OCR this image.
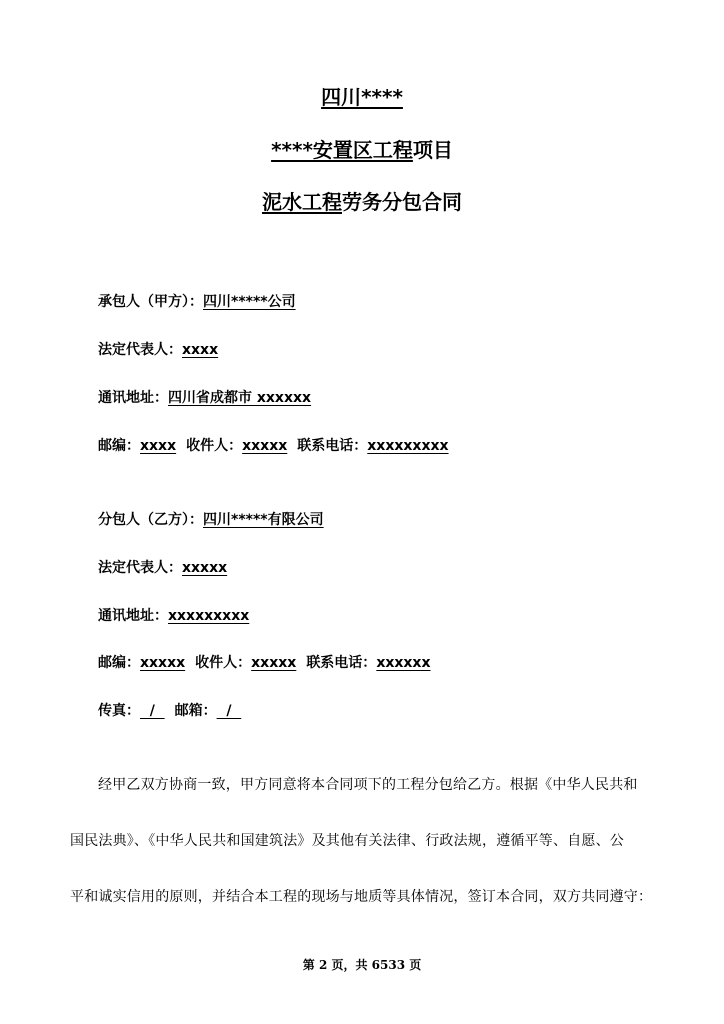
四川****
****安置区工程项目
泥水工程劳务分包合同
承包人（甲方）：四川*****公司
法定代表人：xxxx
通讯地址：四川省成都市 xxxxxx
邮编：xxxx 收件人：xxxxx 联系电话：xxxxxxxxx
分包人（乙方）：四川*****有限公司
法定代表人：xxxxx
通讯地址：xxxxxxxxx
邮编：xxxxx 收件人：xxxxx 联系电话：xxxxxx
传真：  /  邮箱：  /
经甲乙双方协商一致，甲方同意将本合同项下的工程分包给乙方。根据《中华人民共和
国民法典》、《中华人民共和国建筑法》及其他有关法律、行政法规，遵循平等、自愿、公
平和诚实信用的原则，并结合本工程的现场与地质等具体情况，签订本合同，双方共同遵守：
第 2 页，共 6533 页
